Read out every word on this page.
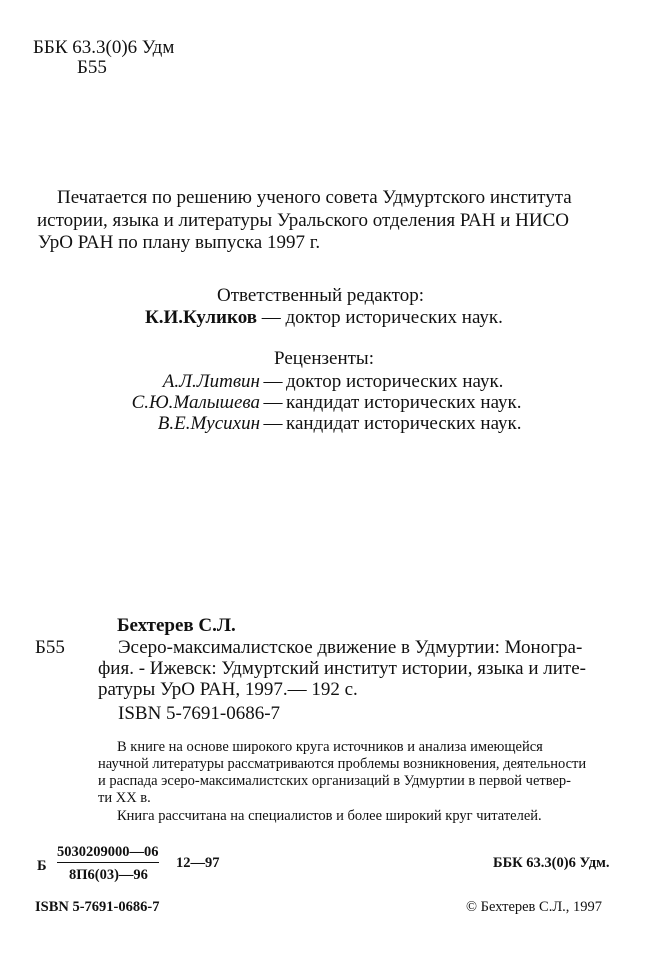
ББК 63.3(0)6 Удм
Б55
Печатается по решению ученого совета Удмуртского института
истории, языка и литературы Уральского отделения РАН и НИСО
УрО РАН по плану выпуска 1997 г.
Ответственный редактор:
К.И.Куликов — доктор исторических наук.
Рецензенты:
А.Л.Литвин — доктор исторических наук.
С.Ю.Малышева — кандидат исторических наук.
В.Е.Мусихин — кандидат исторических наук.
Бехтерев С.Л.
Б55	Эсеро-максималистское движение в Удмуртии: Моногра-
фия. - Ижевск: Удмуртский институт истории, языка и лите-
ратуры УрО РАН, 1997.— 192 с.
ISBN 5-7691-0686-7
В книге на основе широкого круга источников и анализа имеющейся
научной литературы рассматриваются проблемы возникновения, деятельности
и распада эсеро-максималистских организаций в Удмуртии в первой четвер-
ти XX в.
Книга рассчитана на специалистов и более широкий круг читателей.
Б
5030209000—06
8П6(03)—96
12—97	ББК 63.3(0)6 Удм.
ISBN 5-7691-0686-7	© Бехтерев С.Л., 1997
